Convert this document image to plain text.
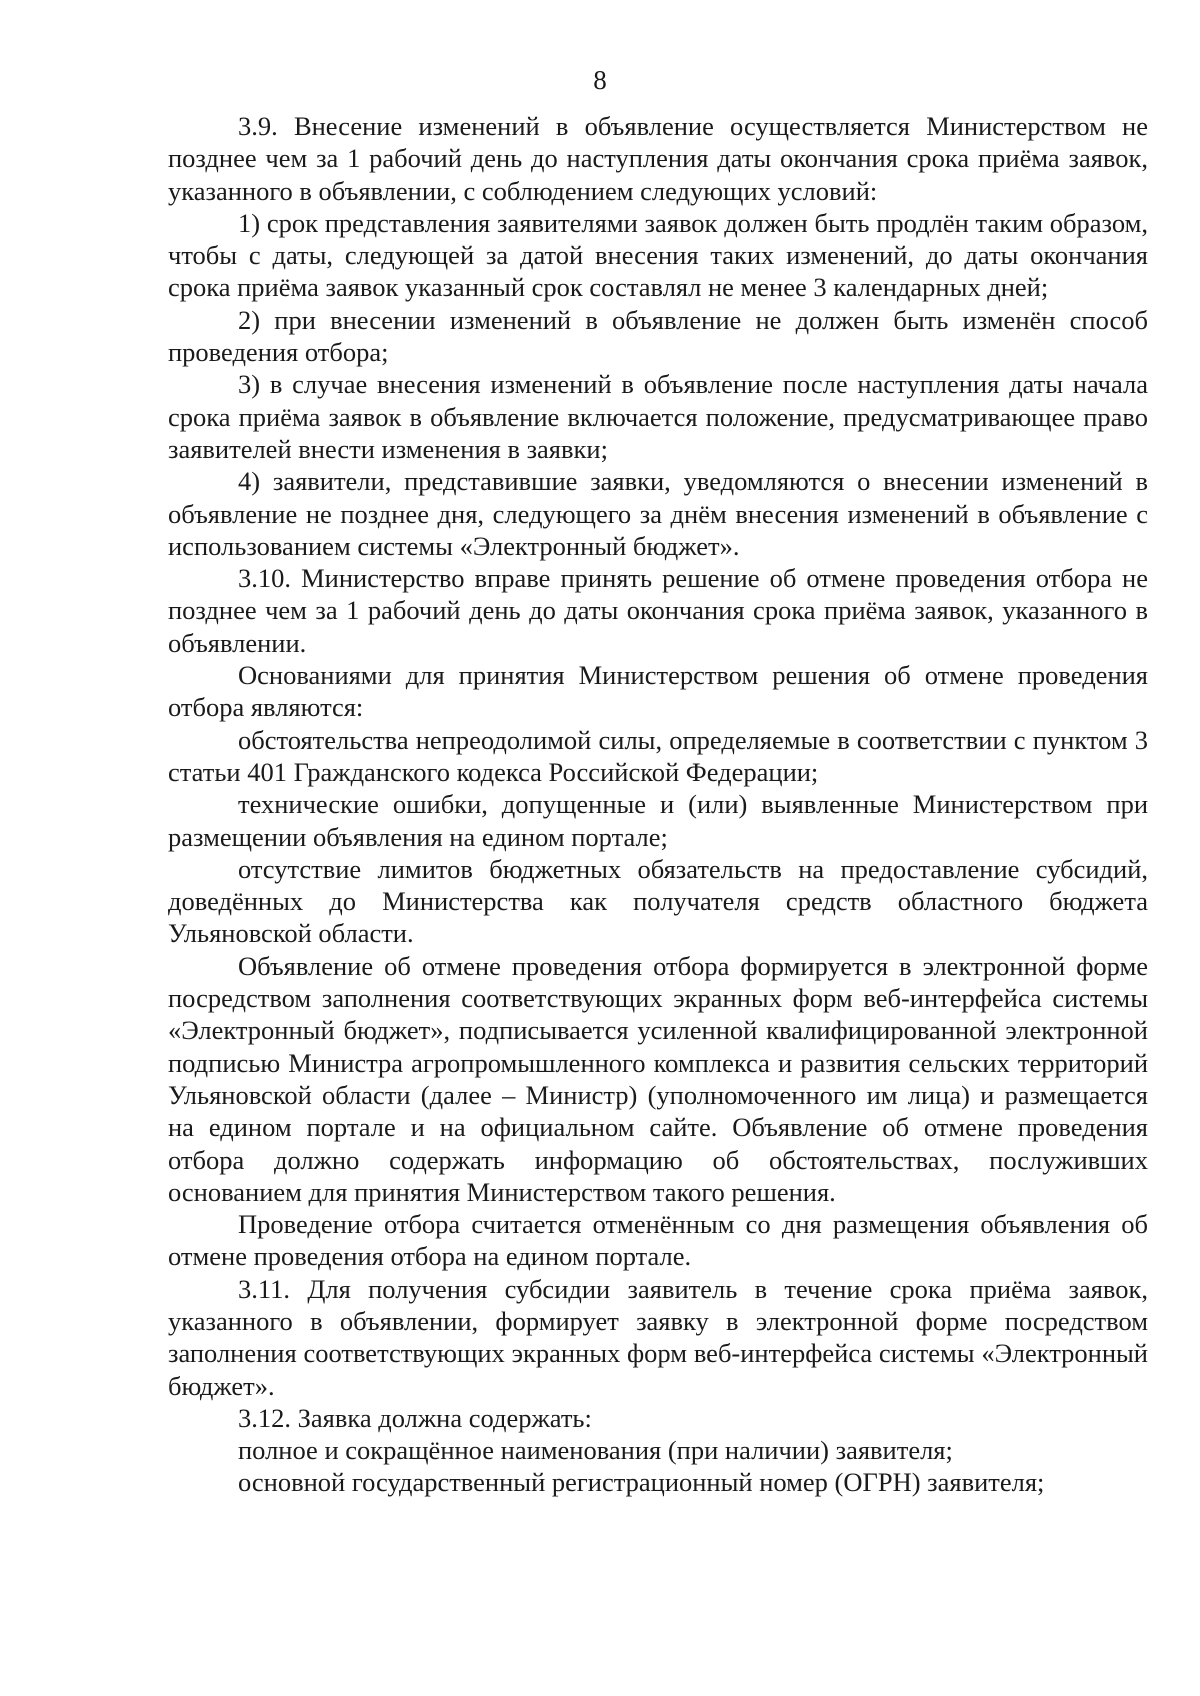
8

3.9. Внесение изменений в объявление осуществляется Министерством не позднее чем за 1 рабочий день до наступления даты окончания срока приёма заявок, указанного в объявлении, с соблюдением следующих условий:

1) срок представления заявителями заявок должен быть продлён таким образом, чтобы с даты, следующей за датой внесения таких изменений, до даты окончания срока приёма заявок указанный срок составлял не менее 3 календарных дней;

2) при внесении изменений в объявление не должен быть изменён способ проведения отбора;

3) в случае внесения изменений в объявление после наступления даты начала срока приёма заявок в объявление включается положение, предусматривающее право заявителей внести изменения в заявки;

4) заявители, представившие заявки, уведомляются о внесении изменений в объявление не позднее дня, следующего за днём внесения изменений в объявление с использованием системы «Электронный бюджет».

3.10. Министерство вправе принять решение об отмене проведения отбора не позднее чем за 1 рабочий день до даты окончания срока приёма заявок, указанного в объявлении.

Основаниями для принятия Министерством решения об отмене проведения отбора являются:

обстоятельства непреодолимой силы, определяемые в соответствии с пунктом 3 статьи 401 Гражданского кодекса Российской Федерации;

технические ошибки, допущенные и (или) выявленные Министерством при размещении объявления на едином портале;

отсутствие лимитов бюджетных обязательств на предоставление субсидий, доведённых до Министерства как получателя средств областного бюджета Ульяновской области.

Объявление об отмене проведения отбора формируется в электронной форме посредством заполнения соответствующих экранных форм веб-интерфейса системы «Электронный бюджет», подписывается усиленной квалифицированной электронной подписью Министра агропромышленного комплекса и развития сельских территорий Ульяновской области (далее – Министр) (уполномоченного им лица) и размещается на едином портале и на официальном сайте. Объявление об отмене проведения отбора должно содержать информацию об обстоятельствах, послуживших основанием для принятия Министерством такого решения.

Проведение отбора считается отменённым со дня размещения объявления об отмене проведения отбора на едином портале.

3.11. Для получения субсидии заявитель в течение срока приёма заявок, указанного в объявлении, формирует заявку в электронной форме посредством заполнения соответствующих экранных форм веб-интерфейса системы «Электронный бюджет».

3.12. Заявка должна содержать:

полное и сокращённое наименования (при наличии) заявителя;

основной государственный регистрационный номер (ОГРН) заявителя;
